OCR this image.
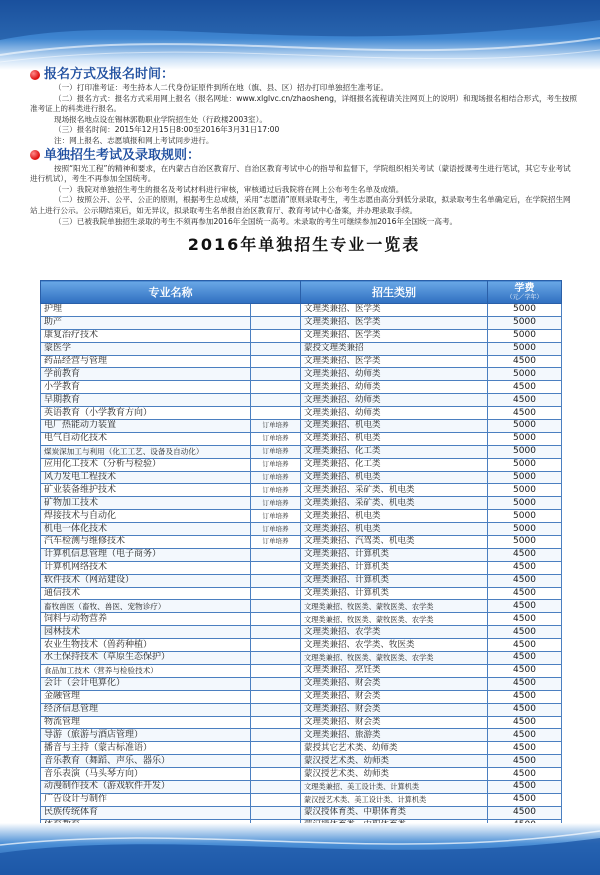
报名方式及报名时间：

（一）打印准考证：考生持本人二代身份证原件到所在地（旗、县、区）招办打印单独招生准考证。

（二）报名方式：报名方式采用网上报名（报名网址：www.xlglvc.cn/zhaosheng，详细报名流程请关注网页上的说明）和现场报名相结合形式，考生按照准考证上的科类进行报名。

现场报名地点设在锡林郭勒职业学院招生处（行政楼2003室）。

（三）报名时间：2015年12月15日8:00至2016年3月31日17:00

注：网上报名、志愿填报和网上考试同步进行。

单独招生考试及录取规则：

按照“阳光工程”的精神和要求，在内蒙古自治区教育厅、自治区教育考试中心的指导和监督下，学院组织相关考试（蒙语授课考生进行笔试，其它专业考试进行机试），考生不再参加全国统考。

（一）我院对单独招生考生的报名及考试材料进行审核，审核通过后我院将在网上公布考生名单及成绩。

（二）按照公开、公平、公正的原则，根据考生总成绩，采用“志愿清”原则录取考生，考生志愿由高分到低分录取，拟录取考生名单确定后，在学院招生网站上进行公示。公示期结束后，如无异议，拟录取考生名单报自治区教育厅、教育考试中心备案，并办理录取手续。

（三）已被我院单独招生录取的考生不须再参加2016年全国统一高考。未录取的考生可继续参加2016年全国统一高考。

2016年单独招生专业一览表
专业名称		招生类别	学费
（元／学年）

护理		文理类兼招、医学类	5000
助产		文理类兼招、医学类	5000
康复治疗技术		文理类兼招、医学类	5000
蒙医学		蒙授文理类兼招	5000
药品经营与管理		文理类兼招、医学类	4500
学前教育		文理类兼招、幼师类	5000
小学教育		文理类兼招、幼师类	4500
早期教育		文理类兼招、幼师类	4500
英语教育（小学教育方向）		文理类兼招、幼师类	4500
电厂热能动力装置	订单培养	文理类兼招、机电类	5000
电气自动化技术	订单培养	文理类兼招、机电类	5000
煤炭深加工与利用（化工工艺、设备及自动化）	订单培养	文理类兼招、化工类	5000
应用化工技术（分析与检验）	订单培养	文理类兼招、化工类	5000
风力发电工程技术	订单培养	文理类兼招、机电类	5000
矿业装备维护技术	订单培养	文理类兼招、采矿类、机电类	5000
矿物加工技术	订单培养	文理类兼招、采矿类、机电类	5000
焊接技术与自动化	订单培养	文理类兼招、机电类	5000
机电一体化技术	订单培养	文理类兼招、机电类	5000
汽车检测与维修技术	订单培养	文理类兼招、汽驾类、机电类	5000
计算机信息管理（电子商务）		文理类兼招、计算机类	4500
计算机网络技术		文理类兼招、计算机类	4500
软件技术（网站建设）		文理类兼招、计算机类	4500
通信技术		文理类兼招、计算机类	4500
畜牧兽医（畜牧、兽医、宠物诊疗）		文理类兼招、牧医类、蒙牧医类、农学类	4500
饲料与动物营养		文理类兼招、牧医类、蒙牧医类、农学类	4500
园林技术		文理类兼招、农学类	4500
农业生物技术（兽药种植）		文理类兼招、农学类、牧医类	4500
水土保持技术（草原生态保护）		文理类兼招、牧医类、蒙牧医类、农学类	4500
食品加工技术（营养与检验技术）		文理类兼招、烹饪类	4500
会计（会计电算化）		文理类兼招、财会类	4500
金融管理		文理类兼招、财会类	4500
经济信息管理		文理类兼招、财会类	4500
物流管理		文理类兼招、财会类	4500
导游（旅游与酒店管理）		文理类兼招、旅游类	4500
播音与主持（蒙古标准语）		蒙授其它艺术类、幼师类	4500
音乐教育（舞蹈、声乐、器乐）		蒙汉授艺术类、幼师类	4500
音乐表演（马头琴方向）		蒙汉授艺术类、幼师类	4500
动漫制作技术（游戏软件开发）		文理类兼招、美工设计类、计算机类	4500
广告设计与制作		蒙汉授艺术类、美工设计类、计算机类	4500
民族传统体育		蒙汉授体育类、中职体育类	4500
